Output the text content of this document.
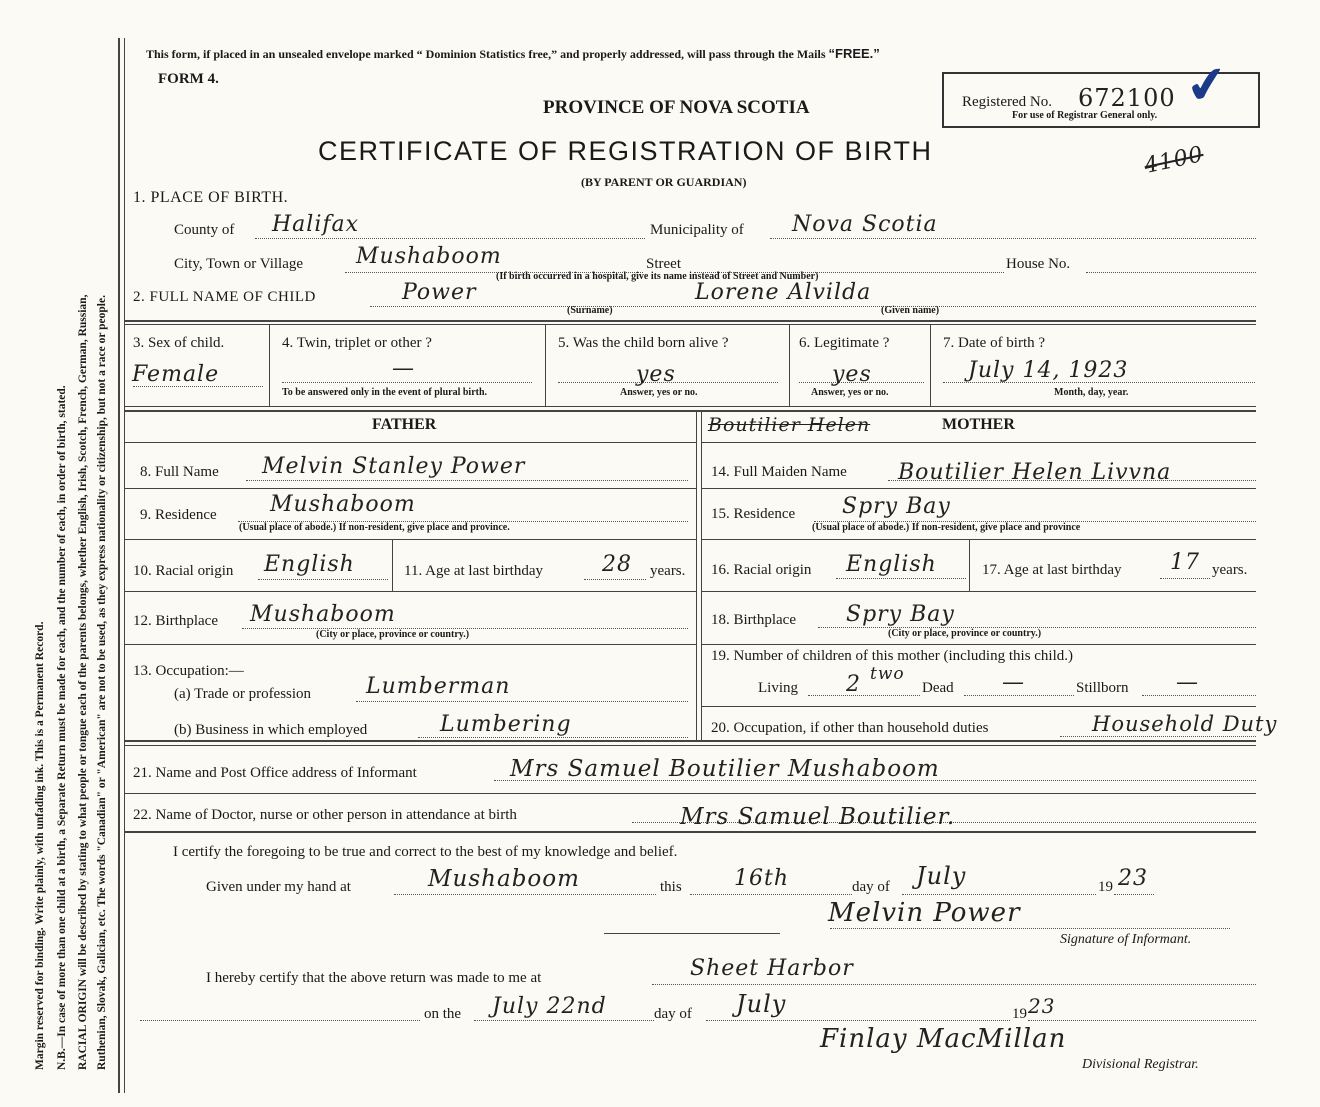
Margin reserved for binding. Write plainly, with unfading ink. This is a Permanent Record. N.B.—In case of more than one child at a birth, a Separate Return must be made for each, and the number of each, in order of birth, stated. RACIAL ORIGIN will be described by stating to what people or tongue each of the parents belongs, whether English, Irish, Scotch, French, German, Russian, Ruthenian, Slovak, Galician, etc. The words "Canadian" or "American" are not to be used, as they express nationality or citizenship, but not a race or people.
This form, if placed in an unsealed envelope marked “ Dominion Statistics free,” and properly addressed, will pass through the Mails “FREE.”
FORM 4.
PROVINCE OF NOVA SCOTIA
CERTIFICATE OF REGISTRATION OF BIRTH
(BY PARENT OR GUARDIAN)
Registered No. 672100
For use of Registrar General only. ✔
4100
1. PLACE OF BIRTH.
County of Halifax	Municipality of Nova Scotia
City, Town or Village Mushaboom	Street	House No.
(If birth occurred in a hospital, give its name instead of Street and Number)
2. FULL NAME OF CHILD	Power	Lorene Alvilda
(Surname)	(Given name)
3. Sex of child.
Female
4. Twin, triplet or other ?
—
To be answered only in the event of plural birth.
5. Was the child born alive ?
yes
Answer, yes or no.
6. Legitimate ?
yes
Answer, yes or no.
7. Date of birth ?
July 14, 1923
Month, day, year.
FATHER
8. Full Name Melvin Stanley Power
9. Residence Mushaboom
(Usual place of abode.) If non-resident, give place and province.
10. Racial origin English	11. Age at last birthday	28 years.
12. Birthplace Mushaboom
(City or place, province or country.)
13. Occupation:—
(a) Trade or profession Lumberman
(b) Business in which employed	Lumbering
Boutilier Helen	MOTHER
14. Full Maiden Name Boutilier Helen Livvna
15. Residence Spry Bay
(Usual place of abode.) If non-resident, give place and province
16. Racial origin English	17. Age at last birthday 17 years.
18. Birthplace Spry Bay
(City or place, province or country.)
19. Number of children of this mother (including this child.)
Living 2 two
Dead —	Stillborn —
20. Occupation, if other than household duties	Household Duty
21. Name and Post Office address of Informant	Mrs Samuel Boutilier Mushaboom
22. Name of Doctor, nurse or other person in attendance at birth	Mrs Samuel Boutilier.
I certify the foregoing to be true and correct to the best of my knowledge and belief.
Given under my hand at	Mushaboom	this 16th	day of July	19 23
Melvin Power
Signature of Informant.
I hereby certify that the above return was made to me at	Sheet Harbor
on the July 22nd	day of July	19 23
Finlay MacMillan
Divisional Registrar.
